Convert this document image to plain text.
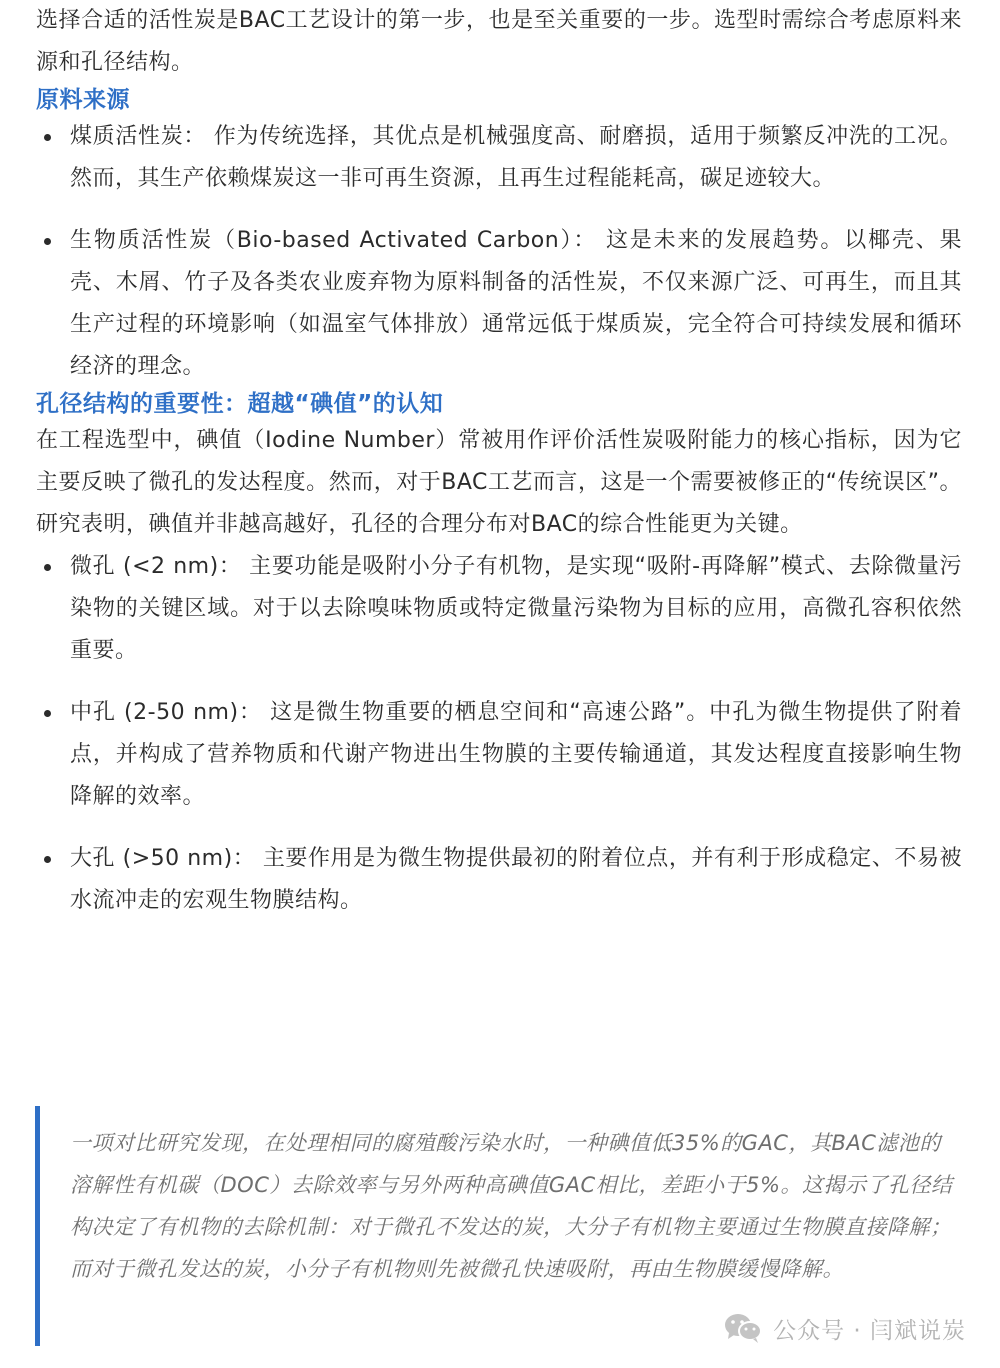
选择合适的活性炭是BAC工艺设计的第一步，也是至关重要的一步。选型时需综合考虑原料来源和孔径结构。

原料来源
煤质活性炭： 作为传统选择，其优点是机械强度高、耐磨损，适用于频繁反冲洗的工况。然而，其生产依赖煤炭这一非可再生资源，且再生过程能耗高，碳足迹较大。
生物质活性炭（Bio-based Activated Carbon）： 这是未来的发展趋势。以椰壳、果壳、木屑、竹子及各类农业废弃物为原料制备的活性炭，不仅来源广泛、可再生，而且其生产过程的环境影响（如温室气体排放）通常远低于煤质炭，完全符合可持续发展和循环经济的理念。
孔径结构的重要性：超越“碘值”的认知

在工程选型中，碘值（Iodine Number）常被用作评价活性炭吸附能力的核心指标，因为它主要反映了微孔的发达程度。然而，对于BAC工艺而言，这是一个需要被修正的“传统误区”。研究表明，碘值并非越高越好，孔径的合理分布对BAC的综合性能更为关键。

微孔 (<2 nm)： 主要功能是吸附小分子有机物，是实现“吸附-再降解”模式、去除微量污染物的关键区域。对于以去除嗅味物质或特定微量污染物为目标的应用，高微孔容积依然重要。
中孔 (2-50 nm)： 这是微生物重要的栖息空间和“高速公路”。中孔为微生物提供了附着点，并构成了营养物质和代谢产物进出生物膜的主要传输通道，其发达程度直接影响生物降解的效率。
大孔 (>50 nm)： 主要作用是为微生物提供最初的附着位点，并有利于形成稳定、不易被水流冲走的宏观生物膜结构。

一项对比研究发现，在处理相同的腐殖酸污染水时，一种碘值低35%的GAC，其BAC滤池的溶解性有机碳（DOC）去除效率与另外两种高碘值GAC相比，差距小于5%。这揭示了孔径结构决定了有机物的去除机制：对于微孔不发达的炭，大分子有机物主要通过生物膜直接降解；而对于微孔发达的炭，小分子有机物则先被微孔快速吸附，再由生物膜缓慢降解。

公众号 · 闫斌说炭
